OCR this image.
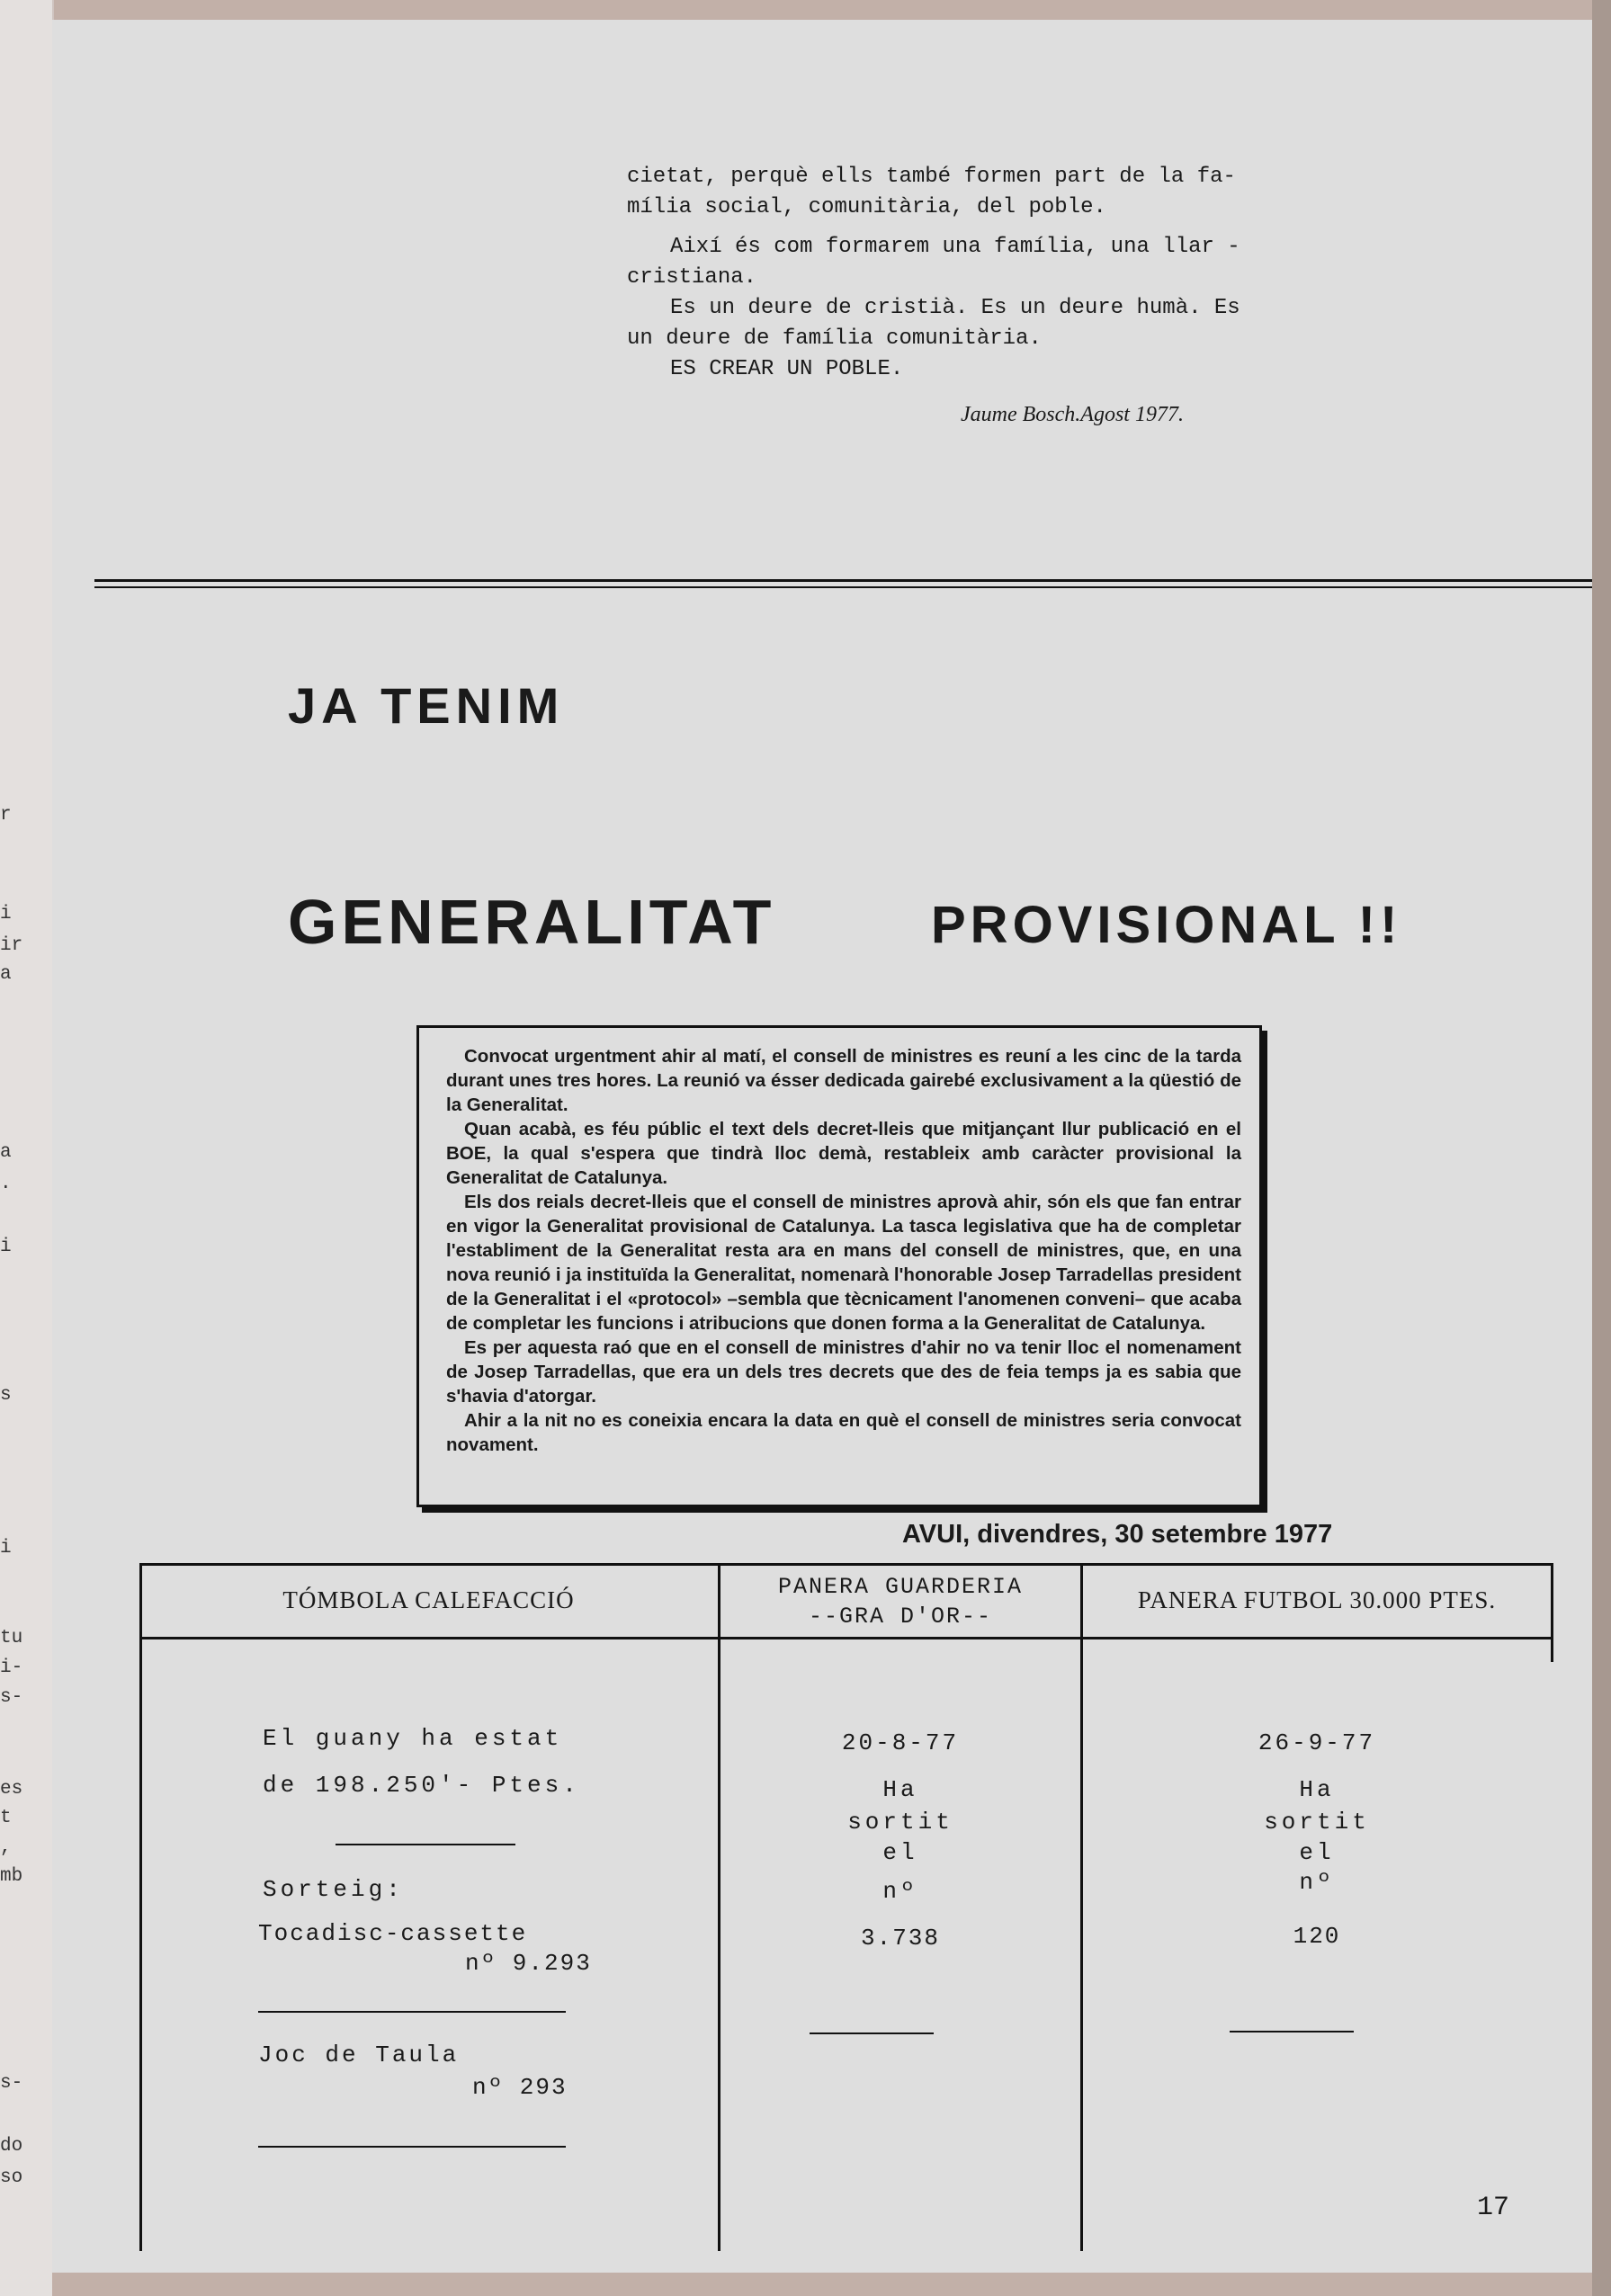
r
i
ir
a
a
.
i
s
i
tu
i-
s-
es
t
,
mb
s-
do
so

cietat, perquè ells també formen part de la fa-

mília social, comunitària, del poble.

Així és com formarem una família, una llar -

cristiana.

Es un deure de cristià. Es un deure humà. Es

un deure de família comunitària.

ES CREAR UN POBLE.

Jaume Bosch.Agost 1977.
JA TENIM
GENERALITAT	PROVISIONAL !!

Convocat urgentment ahir al matí, el consell de ministres es reuní a les cinc de la tarda durant unes tres hores. La reunió va ésser dedicada gairebé exclusivament a la qüestió de la Generalitat.

Quan acabà, es féu públic el text dels decret-lleis que mitjançant llur publicació en el BOE, la qual s'espera que tindrà lloc demà, restableix amb caràcter provisional la Generalitat de Catalunya.

Els dos reials decret-lleis que el consell de ministres aprovà ahir, són els que fan entrar en vigor la Generalitat provisional de Catalunya. La tasca legislativa que ha de completar l'establiment de la Generalitat resta ara en mans del consell de ministres, que, en una nova reunió i ja instituïda la Generalitat, nomenarà l'honorable Josep Tarradellas president de la Generalitat i el «protocol» –sembla que tècnicament l'anomenen conveni– que acaba de completar les funcions i atribucions que donen forma a la Generalitat de Catalunya.

Es per aquesta raó que en el consell de ministres d'ahir no va tenir lloc el nomenament de Josep Tarradellas, que era un dels tres decrets que des de feia temps ja es sabia que s'havia d'atorgar.

Ahir a la nit no es coneixia encara la data en què el consell de ministres seria convocat novament.

AVUI, divendres, 30 setembre 1977
TÓMBOLA CALEFACCIÓ	PANERA GUARDERIA
--GRA D'OR--
PANERA FUTBOL 30.000 PTES.
El guany ha estat
de 198.250'- Ptes.
Sorteig:
Tocadisc-cassette
nº 9.293
Joc de Taula
nº 293
20-8-77
Ha
sortit
el
nº
3.738
26-9-77
Ha
sortit
el
nº
120
17
